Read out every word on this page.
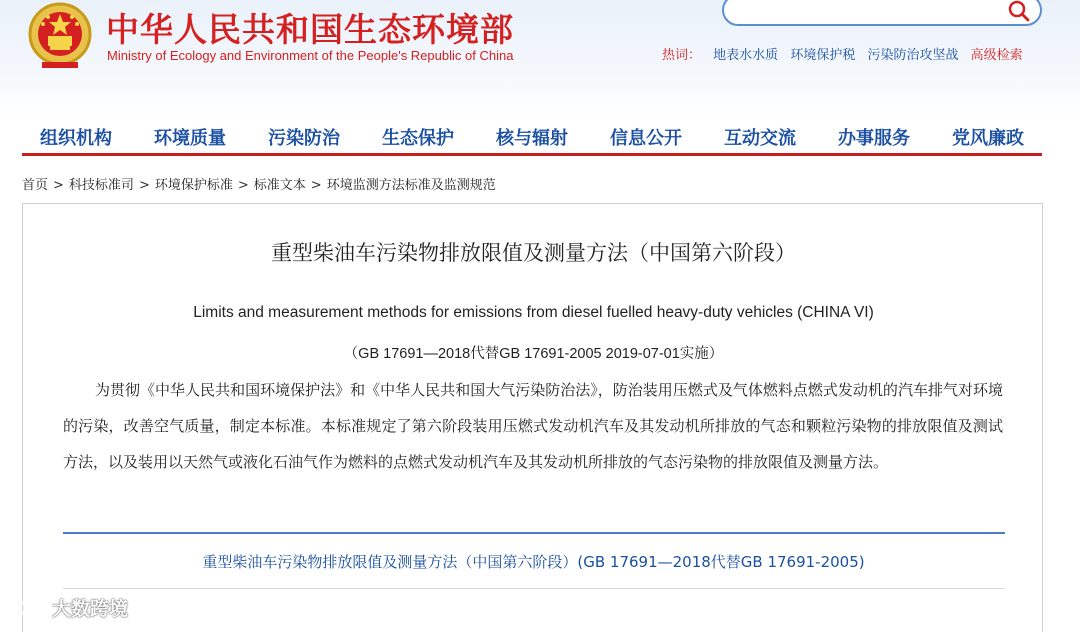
中华人民共和国生态环境部
Ministry of Ecology and Environment of the People's Republic of China	热词： 地表水水质 环境保护税 污染防治攻坚战 高级检索
组织机构 环境质量 污染防治 生态保护 核与辐射 信息公开 互动交流 办事服务 党风廉政
首页 > 科技标准司 > 环境保护标准 > 标准文本 > 环境监测方法标准及监测规范
重型柴油车污染物排放限值及测量方法（中国第六阶段）
Limits and measurement methods for emissions from diesel fuelled heavy-duty vehicles (CHINA VI)
（GB 17691—2018代替GB 17691-2005 2019-07-01实施）
为贯彻《中华人民共和国环境保护法》和《中华人民共和国大气污染防治法》，防治装用压燃式及气体燃料点燃式发动机的汽车排气对环境的污染，改善空气质量，制定本标准。本标准规定了第六阶段装用压燃式发动机汽车及其发动机所排放的气态和颗粒污染物的排放限值及测试方法，以及装用以天然气或液化石油气作为燃料的点燃式发动机汽车及其发动机所排放的气态污染物的排放限值及测量方法。
重型柴油车污染物排放限值及测量方法（中国第六阶段）(GB 17691—2018代替GB 17691-2005)
大数跨境
